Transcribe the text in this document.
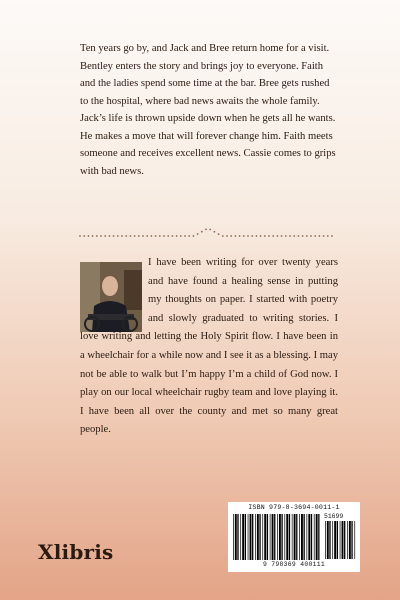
Ten years go by, and Jack and Bree return home for a visit. Bentley enters the story and brings joy to everyone. Faith and the ladies spend some time at the bar. Bree gets rushed to the hospital, where bad news awaits the whole family. Jack’s life is thrown upside down when he gets all he wants. He makes a move that will forever change him. Faith meets someone and receives excellent news. Cassie comes to grips with bad news.

I have been writing for over twenty years and have found a healing sense in putting my thoughts on paper. I started with poetry and slowly graduated to writing stories. I love writing and letting the Holy Spirit flow. I have been in a wheelchair for a while now and I see it as a blessing. I may not be able to walk but I’m happy I’m a child of God now. I play on our local wheelchair rugby team and love playing it. I have been all over the county and met so many great people.

Xlibris
ISBN 979-8-3694-0011-1
51699
9 798369 400111
